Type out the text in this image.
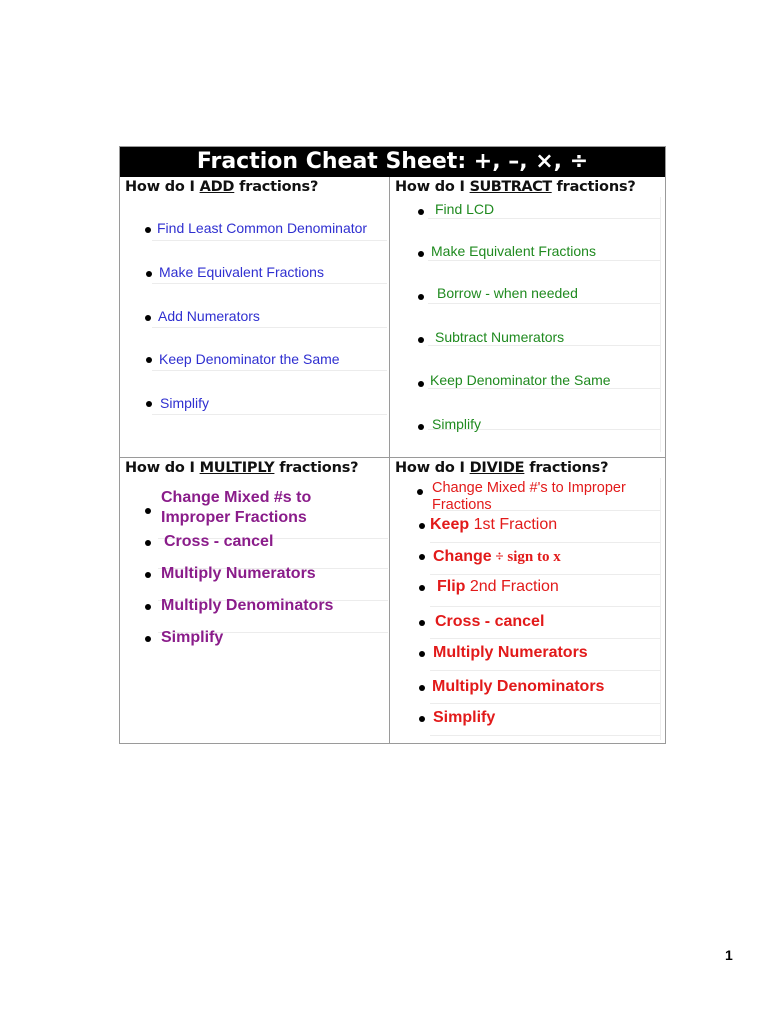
Fraction Cheat Sheet: +, –, ×, ÷
How do I ADD fractions?
Find Least Common Denominator
Make Equivalent Fractions
Add Numerators
Keep Denominator the Same
Simplify
How do I SUBTRACT fractions?
Find LCD
Make Equivalent Fractions
Borrow - when needed
Subtract Numerators
Keep Denominator the Same
Simplify
How do I MULTIPLY fractions?
Change Mixed #s to
Improper Fractions
Cross - cancel
Multiply Numerators
Multiply Denominators
Simplify
How do I DIVIDE fractions?
Change Mixed #'s to Improper
Fractions
Keep 1st Fraction
Change ÷ sign to x
Flip 2nd Fraction
Cross - cancel
Multiply Numerators
Multiply Denominators
Simplify
1
